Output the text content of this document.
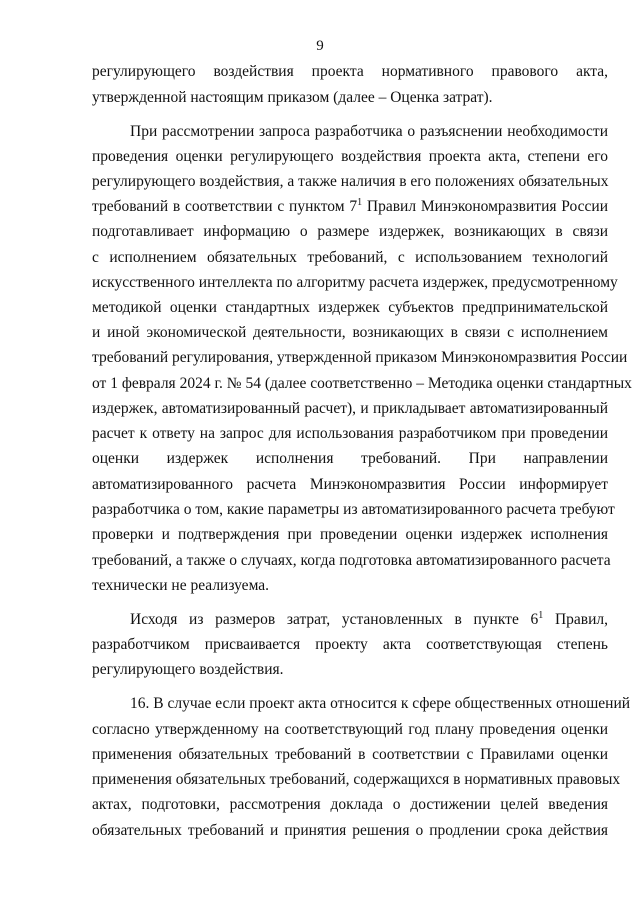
9
регулирующего воздействия проекта нормативного правового акта,
утвержденной настоящим приказом (далее – Оценка затрат).
При рассмотрении запроса разработчика о разъяснении необходимости
проведения оценки регулирующего воздействия проекта акта, степени его
регулирующего воздействия, а также наличия в его положениях обязательных
требований в соответствии с пунктом $7^1$ Правил Минэкономразвития России
подготавливает информацию о размере издержек, возникающих в связи
с исполнением обязательных требований, с использованием технологий
искусственного интеллекта по алгоритму расчета издержек, предусмотренному
методикой оценки стандартных издержек субъектов предпринимательской
и иной экономической деятельности, возникающих в связи с исполнением
требований регулирования, утвержденной приказом Минэкономразвития России
от 1 февраля 2024 г. № 54 (далее соответственно – Методика оценки стандартных
издержек, автоматизированный расчет), и прикладывает автоматизированный
расчет к ответу на запрос для использования разработчиком при проведении
оценки издержек исполнения требований. При направлении
автоматизированного расчета Минэкономразвития России информирует
разработчика о том, какие параметры из автоматизированного расчета требуют
проверки и подтверждения при проведении оценки издержек исполнения
требований, а также о случаях, когда подготовка автоматизированного расчета
технически не реализуема.
Исходя из размеров затрат, установленных в пункте $6^1$ Правил,
разработчиком присваивается проекту акта соответствующая степень
регулирующего воздействия.
16. В случае если проект акта относится к сфере общественных отношений
согласно утвержденному на соответствующий год плану проведения оценки
применения обязательных требований в соответствии с Правилами оценки
применения обязательных требований, содержащихся в нормативных правовых
актах, подготовки, рассмотрения доклада о достижении целей введения
обязательных требований и принятия решения о продлении срока действия
